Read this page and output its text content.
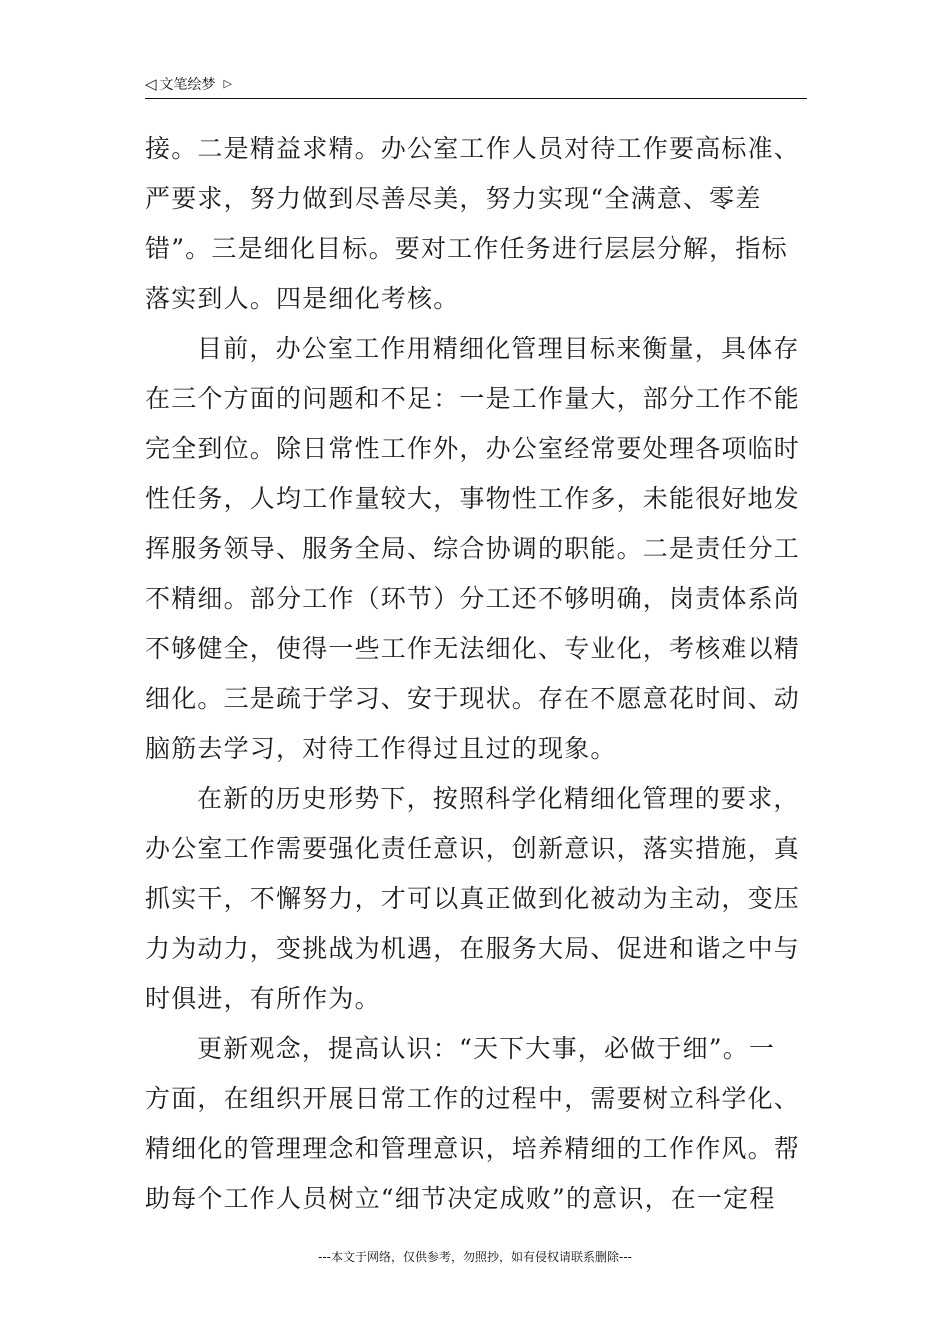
◁ 文笔绘梦 ▷

接。二是精益求精。办公室工作人员对待工作要高标准、
严要求，努力做到尽善尽美，努力实现“全满意、零差
错”。三是细化目标。要对工作任务进行层层分解，指标
落实到人。四是细化考核。

目前，办公室工作用精细化管理目标来衡量，具体存
在三个方面的问题和不足：一是工作量大，部分工作不能
完全到位。除日常性工作外，办公室经常要处理各项临时
性任务，人均工作量较大，事物性工作多，未能很好地发
挥服务领导、服务全局、综合协调的职能。二是责任分工
不精细。部分工作（环节）分工还不够明确，岗责体系尚
不够健全，使得一些工作无法细化、专业化，考核难以精
细化。三是疏于学习、安于现状。存在不愿意花时间、动
脑筋去学习，对待工作得过且过的现象。

在新的历史形势下，按照科学化精细化管理的要求，
办公室工作需要强化责任意识，创新意识，落实措施，真
抓实干，不懈努力，才可以真正做到化被动为主动，变压
力为动力，变挑战为机遇，在服务大局、促进和谐之中与
时俱进，有所作为。

更新观念，提高认识：“天下大事，必做于细”。一
方面，在组织开展日常工作的过程中，需要树立科学化、
精细化的管理理念和管理意识，培养精细的工作作风。帮
助每个工作人员树立“细节决定成败”的意识，在一定程

---本文于网络，仅供参考，勿照抄，如有侵权请联系删除---
